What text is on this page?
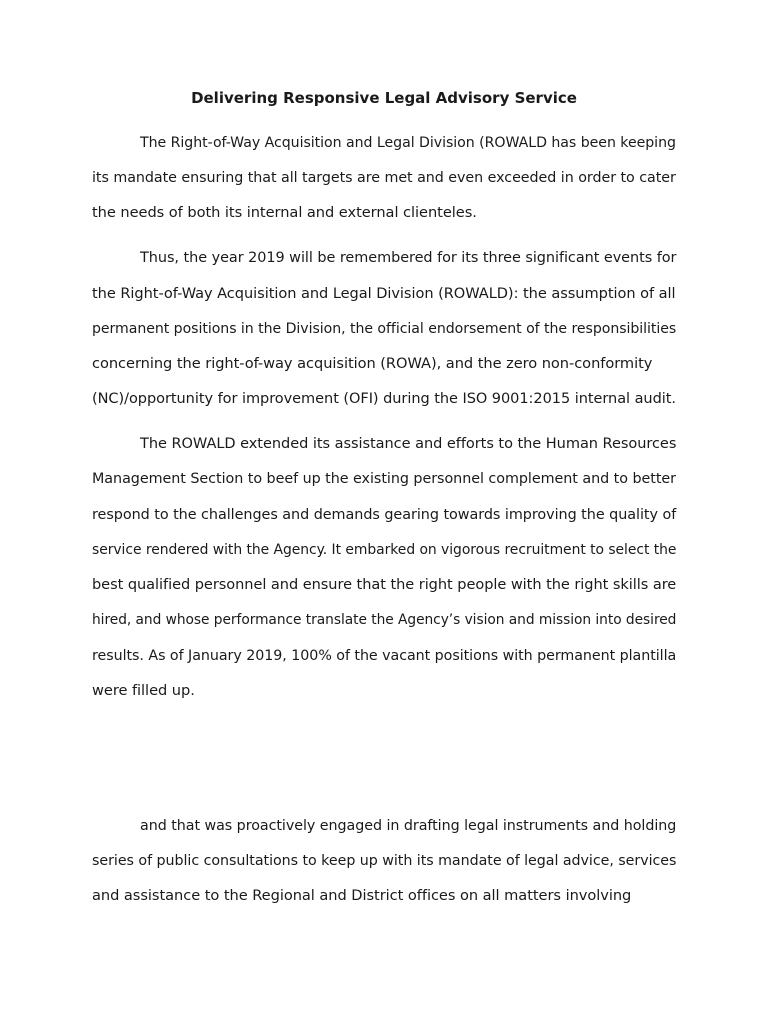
Delivering Responsive Legal Advisory Service
The Right-of-Way Acquisition and Legal Division (ROWALD has been keeping
its mandate ensuring that all targets are met and even exceeded in order to cater
the needs of both its internal and external clienteles.
Thus, the year 2019 will be remembered for its three significant events for
the Right-of-Way Acquisition and Legal Division (ROWALD): the assumption of all
permanent positions in the Division, the official endorsement of the responsibilities
concerning the right-of-way acquisition (ROWA), and the zero non-conformity
(NC)/opportunity for improvement (OFI) during the ISO 9001:2015 internal audit.
The ROWALD extended its assistance and efforts to the Human Resources
Management Section to beef up the existing personnel complement and to better
respond to the challenges and demands gearing towards improving the quality of
service rendered with the Agency. It embarked on vigorous recruitment to select the
best qualified personnel and ensure that the right people with the right skills are
hired, and whose performance translate the Agency’s vision and mission into desired
results. As of January 2019, 100% of the vacant positions with permanent plantilla
were filled up.
and that was proactively engaged in drafting legal instruments and holding
series of public consultations to keep up with its mandate of legal advice, services
and assistance to the Regional and District offices on all matters involving
